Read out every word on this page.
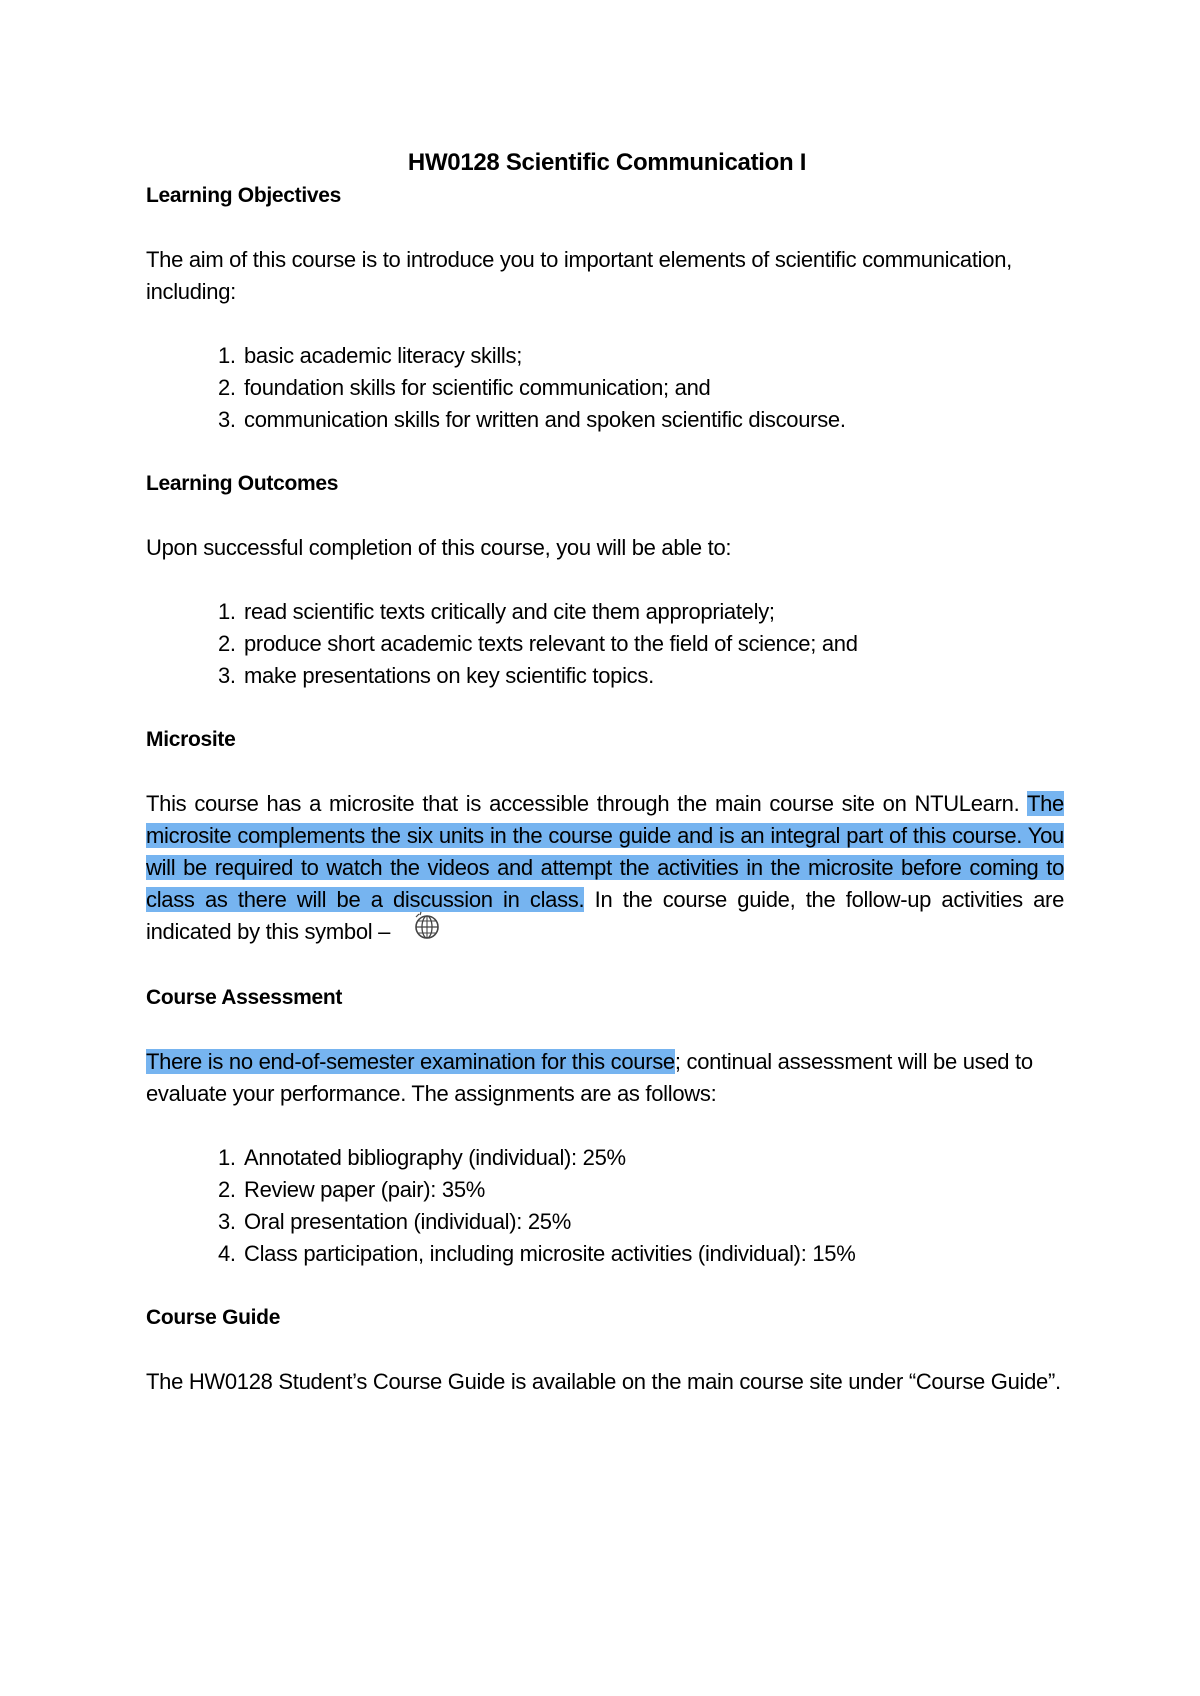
HW0128 Scientific Communication I

Learning Objectives

The aim of this course is to introduce you to important elements of scientific communication, including:

1. basic academic literacy skills;
2. foundation skills for scientific communication; and
3. communication skills for written and spoken scientific discourse.
Learning Outcomes

Upon successful completion of this course, you will be able to:

1. read scientific texts critically and cite them appropriately;
2. produce short academic texts relevant to the field of science; and
3. make presentations on key scientific topics.
Microsite

This course has a microsite that is accessible through the main course site on NTULearn. The microsite complements the six units in the course guide and is an integral part of this course. You will be required to watch the videos and attempt the activities in the microsite before coming to class as there will be a discussion in class. In the course guide, the follow-up activities are indicated by this symbol –

Course Assessment

There is no end-of-semester examination for this course; continual assessment will be used to evaluate your performance. The assignments are as follows:

1. Annotated bibliography (individual): 25%
2. Review paper (pair): 35%
3. Oral presentation (individual): 25%
4. Class participation, including microsite activities (individual): 15%
Course Guide

The HW0128 Student’s Course Guide is available on the main course site under “Course Guide”.
